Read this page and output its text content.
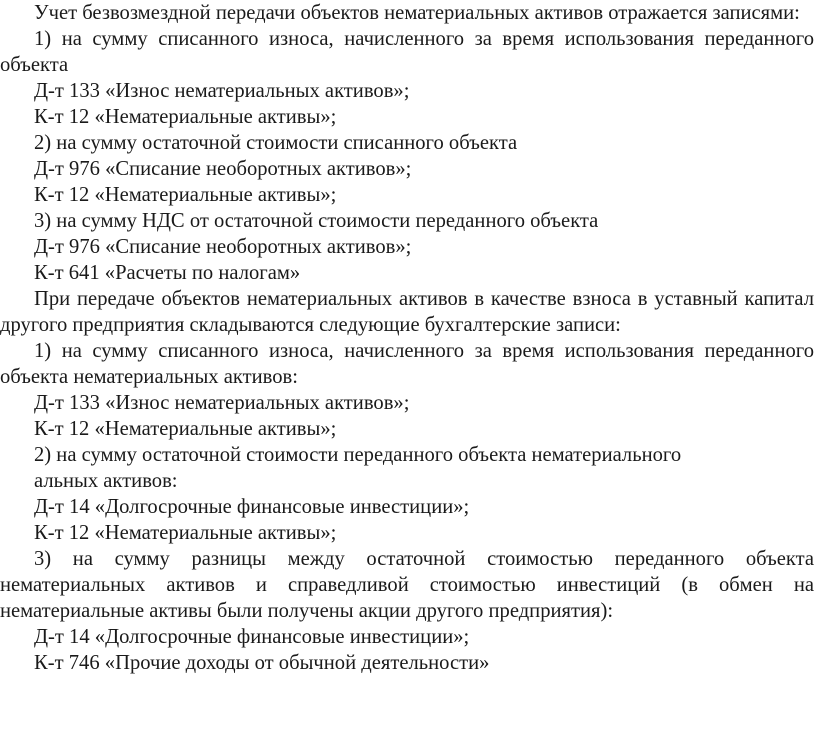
Учет безвозмездной передачи объектов нематериальных активов отражается записями:

1) на сумму списанного износа, начисленного за время использования переданного объекта

Д-т 133 «Износ нематериальных активов»;

К-т 12 «Нематериальные активы»;

2) на сумму остаточной стоимости списанного объекта

Д-т 976 «Списание необоротных активов»;

К-т 12 «Нематериальные активы»;

3) на сумму НДС от остаточной стоимости переданного объекта

Д-т 976 «Списание необоротных активов»;

К-т 641 «Расчеты по налогам»

При передаче объектов нематериальных активов в качестве взноса в уставный капитал другого предприятия складываются следующие бухгалтерские записи:

1) на сумму списанного износа, начисленного за время использования переданного объекта нематериальных активов:

Д-т 133 «Износ нематериальных активов»;

К-т 12 «Нематериальные активы»;

2) на сумму остаточной стоимости переданного объекта нематериального

альных активов:

Д-т 14 «Долгосрочные финансовые инвестиции»;

К-т 12 «Нематериальные активы»;

3) на сумму разницы между остаточной стоимостью переданного объекта нематериальных активов и справедливой стоимостью инвестиций (в обмен на нематериальные активы были получены акции другого предприятия):

Д-т 14 «Долгосрочные финансовые инвестиции»;

К-т 746 «Прочие доходы от обычной деятельности»
